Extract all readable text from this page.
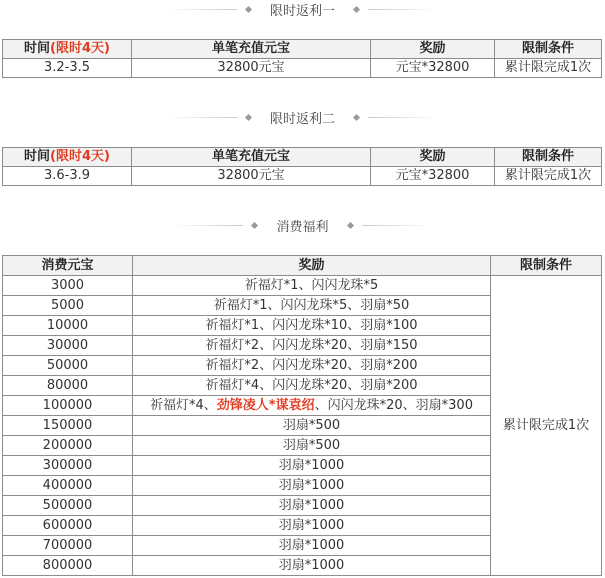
限时返利一
时间(限时4天)	单笔充值元宝	奖励	限制条件
3.2-3.5	32800元宝	元宝*32800	累计限完成1次
限时返利二
时间(限时4天)	单笔充值元宝	奖励	限制条件
3.6-3.9	32800元宝	元宝*32800	累计限完成1次
消费福利
消费元宝	奖励	限制条件
3000	祈福灯*1、闪闪龙珠*5	累计限完成1次
5000	祈福灯*1、闪闪龙珠*5、羽扇*50	
10000	祈福灯*1、闪闪龙珠*10、羽扇*100	
30000	祈福灯*2、闪闪龙珠*20、羽扇*150	
50000	祈福灯*2、闪闪龙珠*20、羽扇*200	
80000	祈福灯*4、闪闪龙珠*20、羽扇*200	
100000	祈福灯*4、劲锋凌人*谋袁绍、闪闪龙珠*20、羽扇*300	
150000	羽扇*500	
200000	羽扇*500	
300000	羽扇*1000	
400000	羽扇*1000	
500000	羽扇*1000	
600000	羽扇*1000	
700000	羽扇*1000	
800000	羽扇*1000	
